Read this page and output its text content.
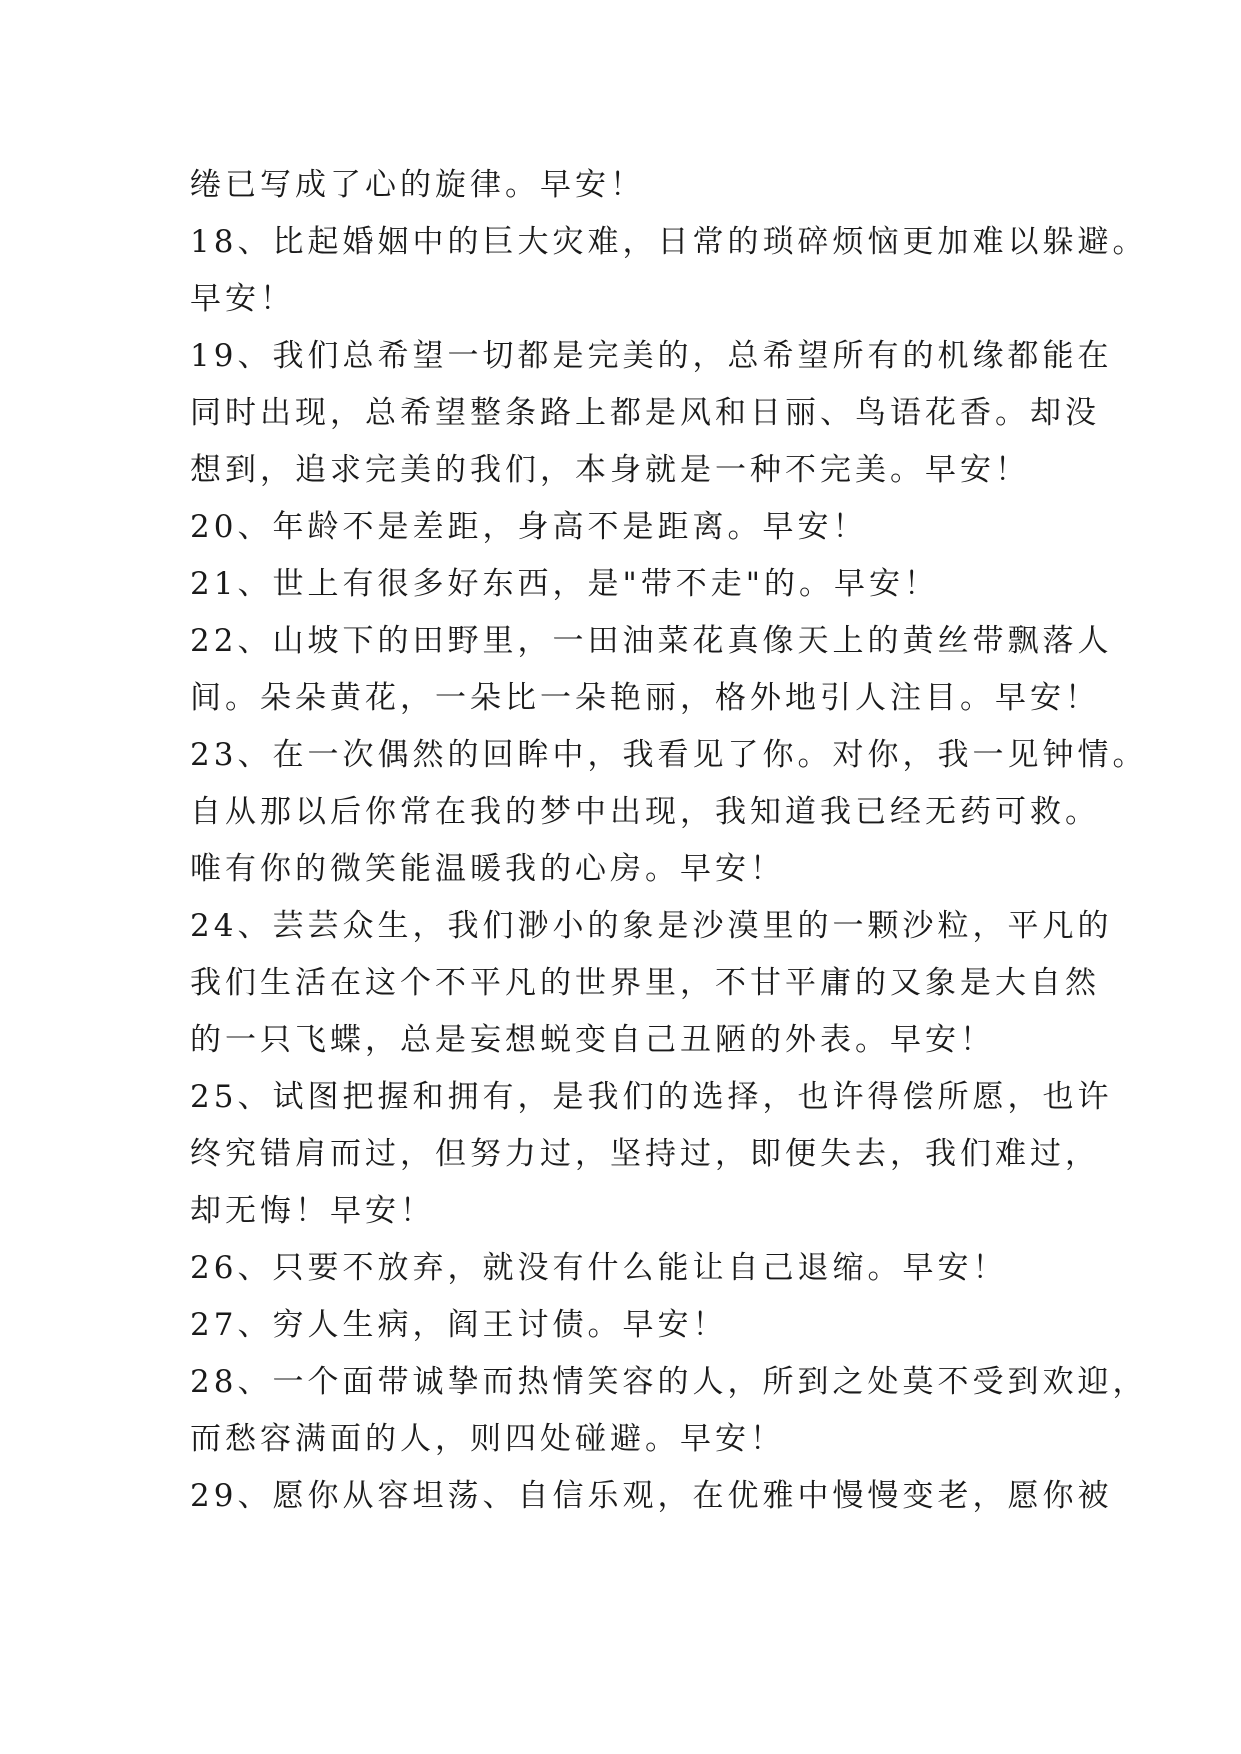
绻已写成了心的旋律。早安！
18、比起婚姻中的巨大灾难，日常的琐碎烦恼更加难以躲避。
早安！
19、我们总希望一切都是完美的，总希望所有的机缘都能在
同时出现，总希望整条路上都是风和日丽、鸟语花香。却没
想到，追求完美的我们，本身就是一种不完美。早安！
20、年龄不是差距，身高不是距离。早安！
21、世上有很多好东西，是"带不走"的。早安！
22、山坡下的田野里，一田油菜花真像天上的黄丝带飘落人
间。朵朵黄花，一朵比一朵艳丽，格外地引人注目。早安！
23、在一次偶然的回眸中，我看见了你。对你，我一见钟情。
自从那以后你常在我的梦中出现，我知道我已经无药可救。
唯有你的微笑能温暖我的心房。早安！
24、芸芸众生，我们渺小的象是沙漠里的一颗沙粒，平凡的
我们生活在这个不平凡的世界里，不甘平庸的又象是大自然
的一只飞蝶，总是妄想蜕变自己丑陋的外表。早安！
25、试图把握和拥有，是我们的选择，也许得偿所愿，也许
终究错肩而过，但努力过，坚持过，即便失去，我们难过，
却无悔！早安！
26、只要不放弃，就没有什么能让自己退缩。早安！
27、穷人生病，阎王讨债。早安！
28、一个面带诚挚而热情笑容的人，所到之处莫不受到欢迎，
而愁容满面的人，则四处碰避。早安！
29、愿你从容坦荡、自信乐观，在优雅中慢慢变老，愿你被
